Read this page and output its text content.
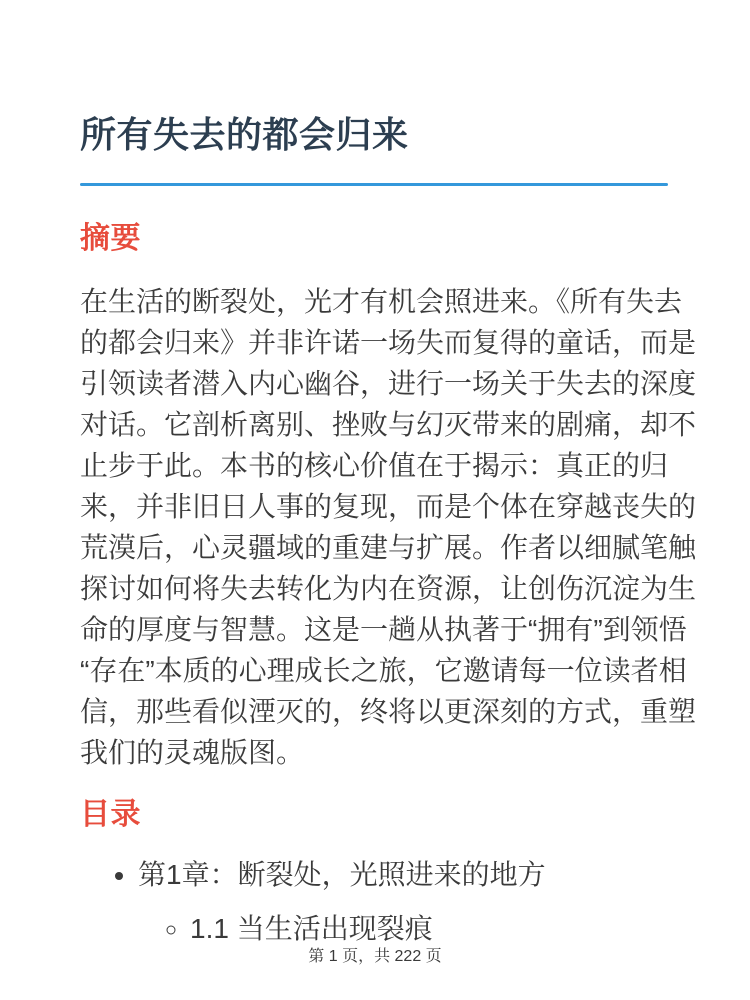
所有失去的都会归来
摘要

在生活的断裂处，光才有机会照进来。《所有失去的都会归来》并非许诺一场失而复得的童话，而是引领读者潜入内心幽谷，进行一场关于失去的深度对话。它剖析离别、挫败与幻灭带来的剧痛，却不止步于此。本书的核心价值在于揭示：真正的归来，并非旧日人事的复现，而是个体在穿越丧失的荒漠后，心灵疆域的重建与扩展。作者以细腻笔触探讨如何将失去转化为内在资源，让创伤沉淀为生命的厚度与智慧。这是一趟从执著于“拥有”到领悟“存在”本质的心理成长之旅，它邀请每一位读者相信，那些看似湮灭的，终将以更深刻的方式，重塑我们的灵魂版图。

目录
• 第1章：断裂处，光照进来的地方
◦ 1.1 当生活出现裂痕
第 1 页，共 222 页
